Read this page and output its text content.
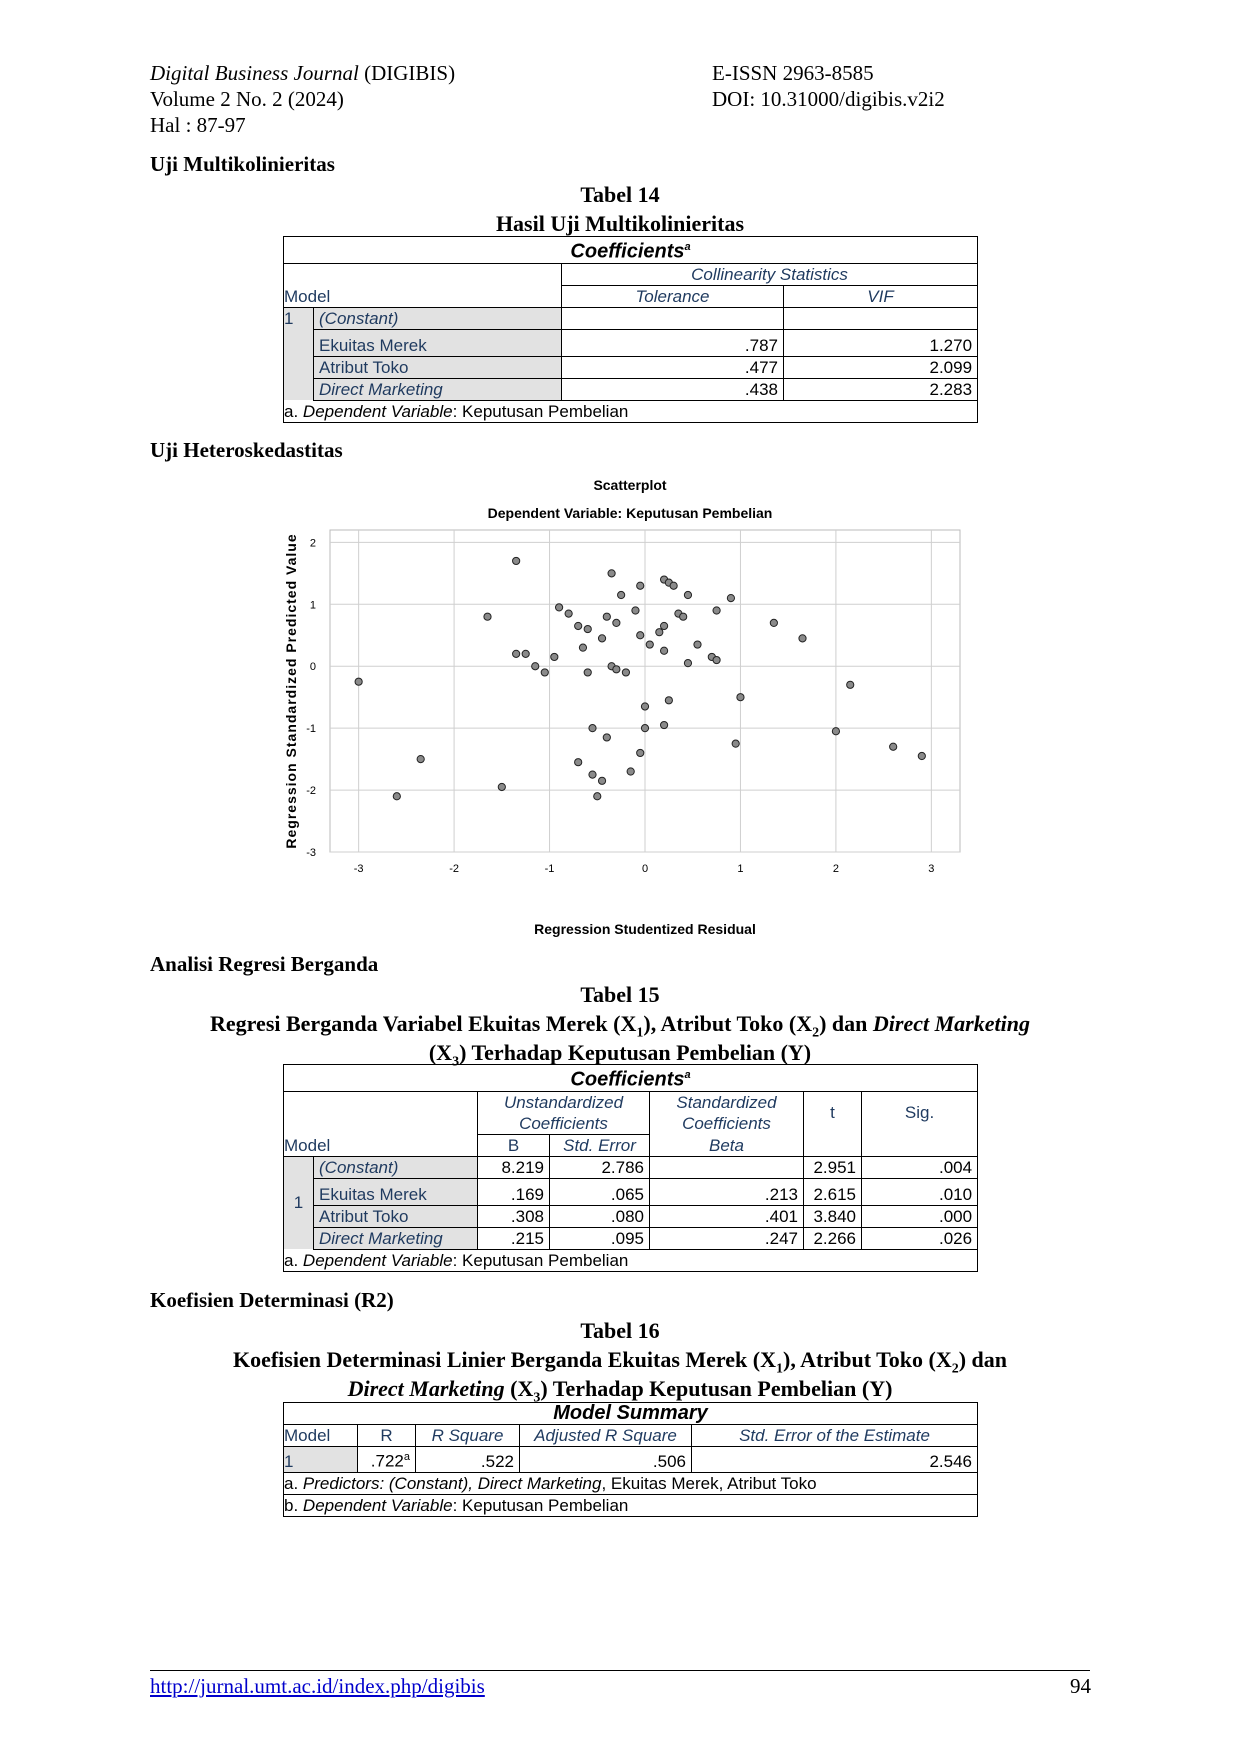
Digital Business Journal (DIGIBIS)
Volume 2 No. 2 (2024)
Hal : 87-97
E-ISSN 2963-8585
DOI: 10.31000/digibis.v2i2
Uji Multikolinieritas
Tabel 14
Hasil Uji Multikolinieritas
Coefficients$^a$
		Collinearity Statistics	
Model		Tolerance	VIF
1	(Constant)		
	Ekuitas Merek	.787	1.270
	Atribut Toko	.477	2.099
	Direct Marketing	.438	2.283
a. Dependent Variable: Keputusan Pembelian			
Uji Heteroskedastitas
Scatterplot
Dependent Variable: Keputusan Pembelian
-3	-2	-1	0	1	2	3
-3
-2
-1
0
1
2
Regression Studentized Residual
Regression Standardized Predicted Value
Analisi Regresi Berganda
Tabel 15
Regresi Berganda Variabel Ekuitas Merek $(X_1)$, Atribut Toko $(X_2)$ dan Direct Marketing
$(X_3)$ Terhadap Keputusan Pembelian (Y)
Coefficients$^a$
		Unstandardized		Standardized	t	Sig.
		Coefficients		Coefficients		
Model		B	Std. Error	Beta		
1	(Constant)	8.219	2.786		2.951	.004
	Ekuitas Merek	.169	.065	.213	2.615	.010
	Atribut Toko	.308	.080	.401	3.840	.000
	Direct Marketing	.215	.095	.247	2.266	.026
a. Dependent Variable: Keputusan Pembelian						
Koefisien Determinasi (R2)
Tabel 16
Koefisien Determinasi Linier Berganda Ekuitas Merek $(X_1)$, Atribut Toko $(X_2)$ dan
Direct Marketing $(X_3)$ Terhadap Keputusan Pembelian (Y)
Model Summary				
Model	R	R Square	Adjusted R Square	Std. Error of the Estimate
1	.722$^a$	.522	.506	2.546
a. Predictors: (Constant), Direct Marketing, Ekuitas Merek, Atribut Toko				
b. Dependent Variable: Keputusan Pembelian				
http://jurnal.umt.ac.id/index.php/digibis	94
